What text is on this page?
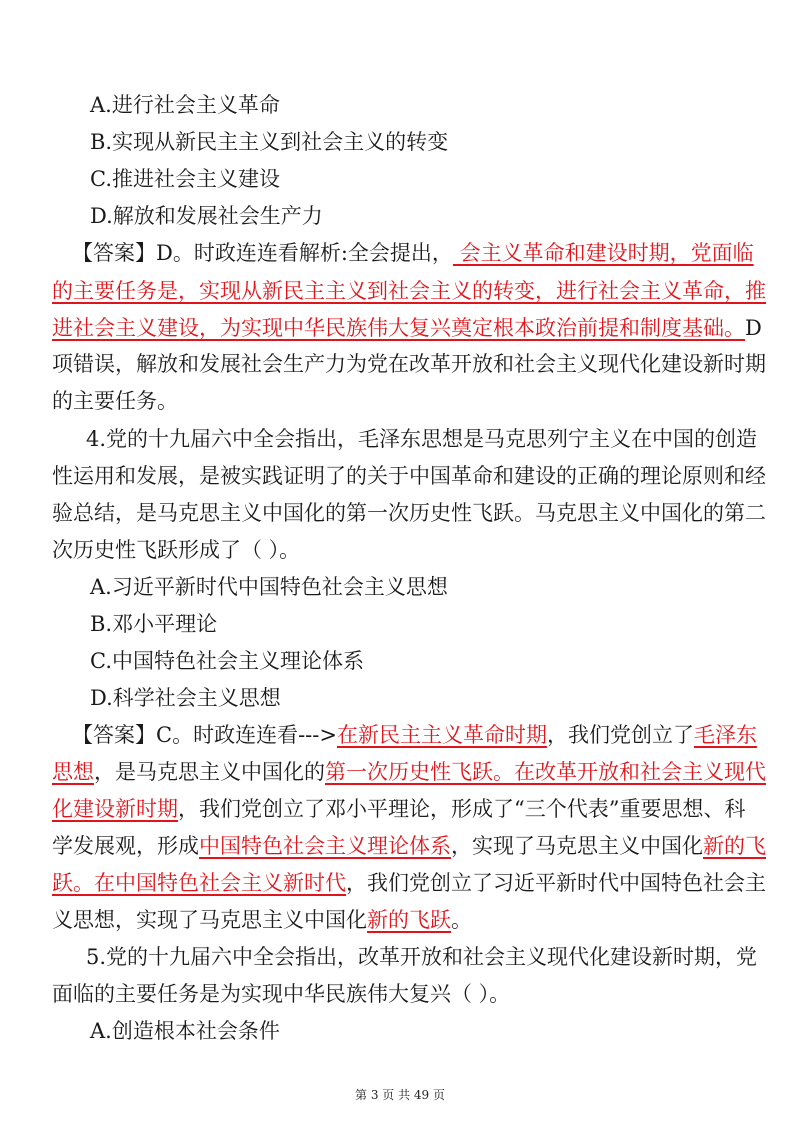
A.进行社会主义革命
B.实现从新民主主义到社会主义的转变
C.推进社会主义建设
D.解放和发展社会生产力
【答案】D。时政连连看解析:全会提出， 会主义革命和建设时期，党面临
的主要任务是，实现从新民主主义到社会主义的转变，进行社会主义革命，推
进社会主义建设，为实现中华民族伟大复兴奠定根本政治前提和制度基础。D
项错误，解放和发展社会生产力为党在改革开放和社会主义现代化建设新时期
的主要任务。
4.党的十九届六中全会指出，毛泽东思想是马克思列宁主义在中国的创造
性运用和发展，是被实践证明了的关于中国革命和建设的正确的理论原则和经
验总结，是马克思主义中国化的第一次历史性飞跃。马克思主义中国化的第二
次历史性飞跃形成了（ ）。
A.习近平新时代中国特色社会主义思想
B.邓小平理论
C.中国特色社会主义理论体系
D.科学社会主义思想
【答案】C。时政连连看--->在新民主主义革命时期，我们党创立了毛泽东
思想，是马克思主义中国化的第一次历史性飞跃。在改革开放和社会主义现代
化建设新时期，我们党创立了邓小平理论，形成了“三个代表”重要思想、科
学发展观，形成中国特色社会主义理论体系，实现了马克思主义中国化新的飞
跃。在中国特色社会主义新时代，我们党创立了习近平新时代中国特色社会主
义思想，实现了马克思主义中国化新的飞跃。
5.党的十九届六中全会指出，改革开放和社会主义现代化建设新时期，党
面临的主要任务是为实现中华民族伟大复兴（ ）。
A.创造根本社会条件
第 3 页 共 49 页
